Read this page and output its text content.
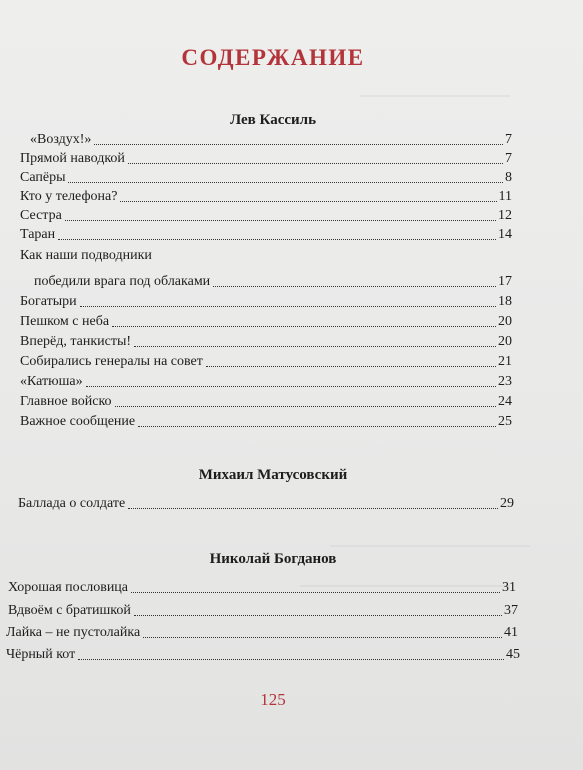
СОДЕРЖАНИЕ
Лев Кассиль
«Воздух!»	7
Прямой наводкой	7
Сапёры	8
Кто у телефона?	11
Сестра	12
Таран	14
Как наши подводники
победили врага под облаками	17
Богатыри	18
Пешком с неба	20
Вперёд, танкисты!	20
Собирались генералы на совет	21
«Катюша»	23
Главное войско	24
Важное сообщение	25
Михаил Матусовский
Баллада о солдате	29
Николай Богданов
Хорошая пословица	31
Вдвоём с братишкой	37
Лайка – не пустолайка	41
Чёрный кот	45
125
